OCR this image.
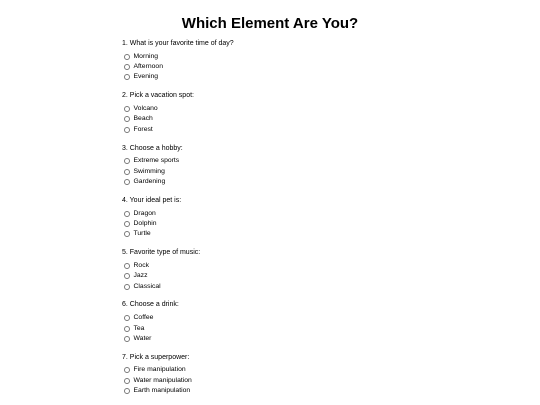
Which Element Are You?
1. What is your favorite time of day?
Morning
Afternoon
Evening
2. Pick a vacation spot:
Volcano
Beach
Forest
3. Choose a hobby:
Extreme sports
Swimming
Gardening
4. Your ideal pet is:
Dragon
Dolphin
Turtle
5. Favorite type of music:
Rock
Jazz
Classical
6. Choose a drink:
Coffee
Tea
Water
7. Pick a superpower:
Fire manipulation
Water manipulation
Earth manipulation
